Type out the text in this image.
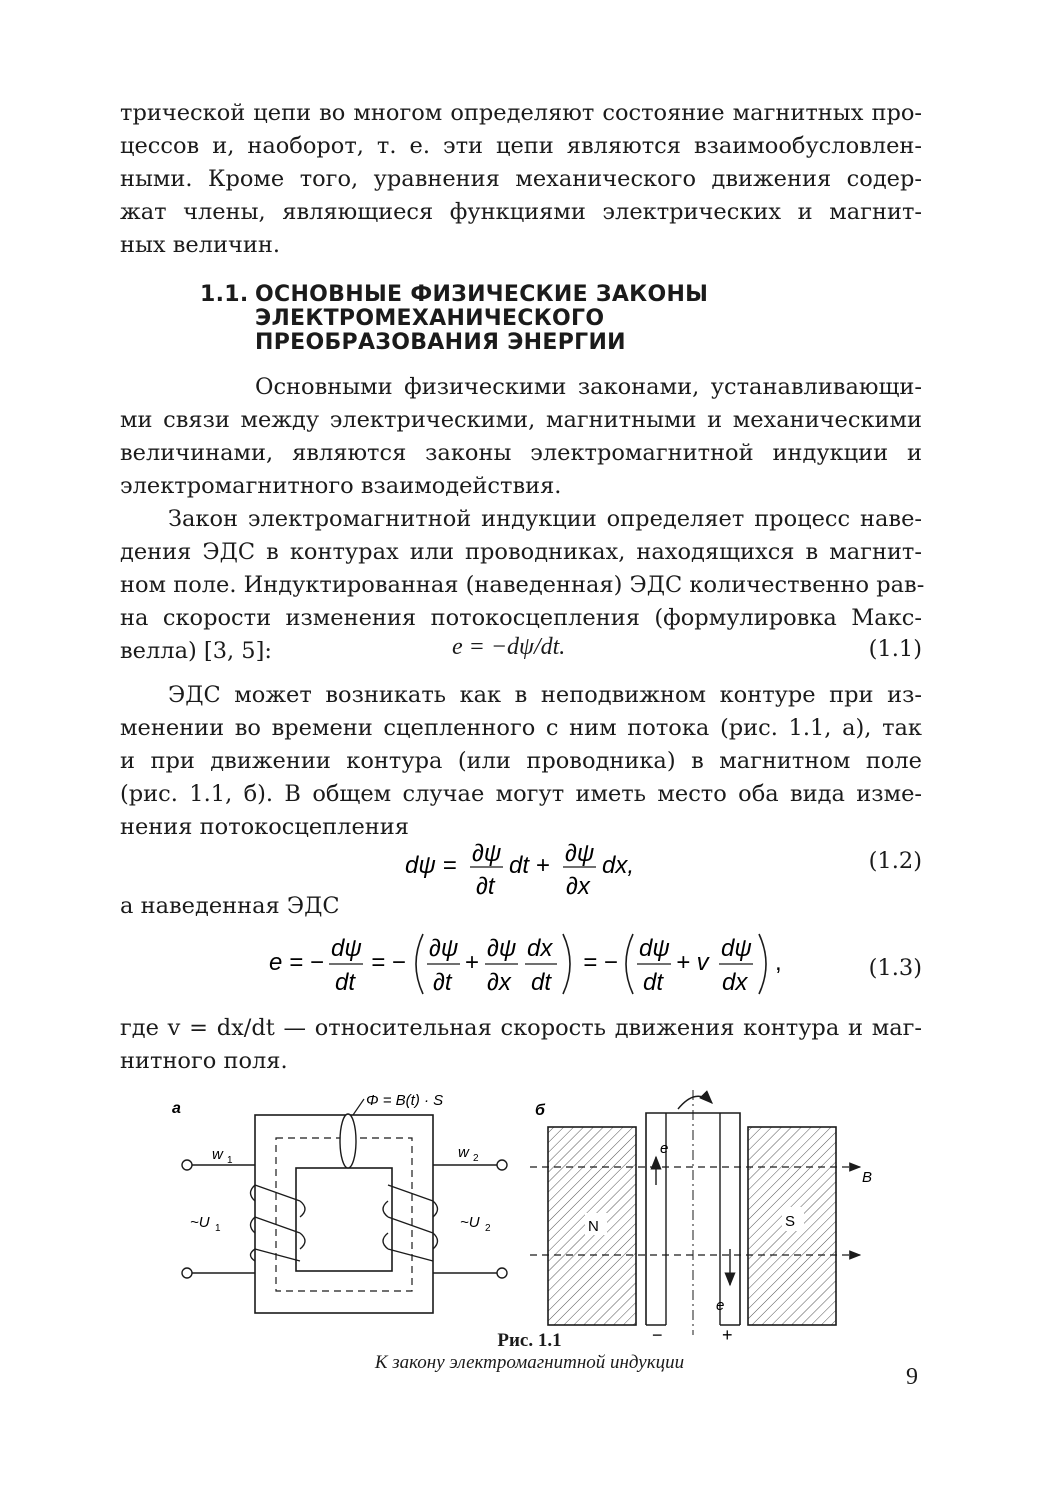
трической цепи во многом определяют состояние магнитных про-
цессов и, наоборот, т. е. эти цепи являются взаимообусловлен-
ными. Кроме того, уравнения механического движения содер-
жат члены, являющиеся функциями электрических и магнит-
ных величин.
1.1. ОСНОВНЫЕ ФИЗИЧЕСКИЕ ЗАКОНЫ
ЭЛЕКТРОМЕХАНИЧЕСКОГО
ПРЕОБРАЗОВАНИЯ ЭНЕРГИИ
Основными физическими законами, устанавливающи-
ми связи между электрическими, магнитными и механическими
величинами, являются законы электромагнитной индукции и
электромагнитного взаимодействия.
Закон электромагнитной индукции определяет процесс наве-
дения ЭДС в контурах или проводниках, находящихся в магнит-
ном поле. Индуктированная (наведенная) ЭДС количественно рав-
на скорости изменения потокосцепления (формулировка Макс-
велла) [3, 5]:	e = −dψ/dt.	(1.1)
ЭДС может возникать как в неподвижном контуре при из-
менении во времени сцепленного с ним потока (рис. 1.1, а), так
и при движении контура (или проводника) в магнитном поле
(рис. 1.1, б). В общем случае могут иметь место оба вида изме-
нения потокосцепления
dψ = ∂ψ
∂t
dt + ∂ψ
∂x
dx,	(1.2)
а наведенная ЭДС
e = −
dψ
dt
= −
∂ψ
∂t
+
∂ψ
∂x
dx
dt
= −
dψ
dt
+ v
dψ
dx
,	(1.3)
где v = dx/dt — относительная скорость движения контура и маг-
нитного поля.
а	Φ = B(t) · S
w 1
~U 1
w 2
~U 2
б
N	S
B
e
e
−	+
Рис. 1.1
К закону электромагнитной индукции
9
